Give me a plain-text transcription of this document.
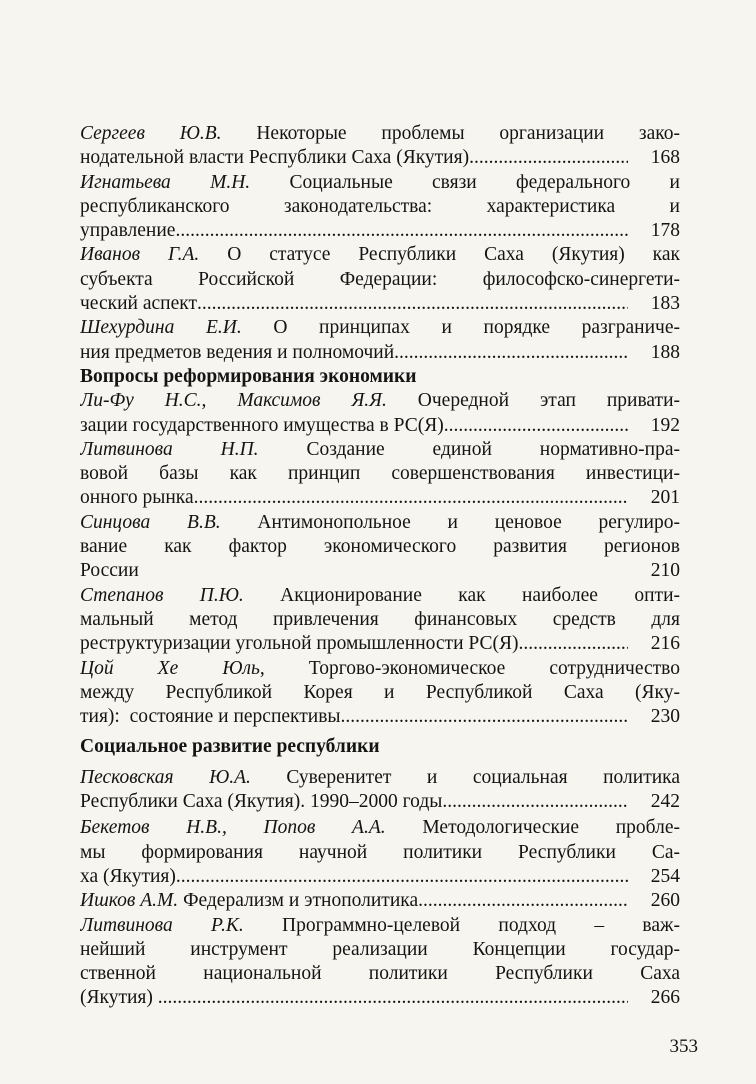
Сергеев Ю.В. Некоторые проблемы организации зако-
нодательной власти Республики Саха (Якутия) .....	168
Игнатьева М.Н. Социальные связи федерального и
республиканского законодательства: характеристика и
управление .....	178
Иванов Г.А. О статусе Республики Саха (Якутия) как
субъекта Российской Федерации: философско-синергети-
ческий аспект .....	183
Шехурдина Е.И. О принципах и порядке разграниче-
ния предметов ведения и полномочий .....	188
Вопросы реформирования экономики
Ли-Фу Н.С., Максимов Я.Я. Очередной этап привати-
зации государственного имущества в РС(Я) .....	192
Литвинова Н.П. Создание единой нормативно-пра-
вовой базы как принцип совершенствования инвестици-
онного рынка .....	201
Синцова В.В. Антимонопольное и ценовое регулиро-
вание как фактор экономического развития регионов
России	210
Степанов П.Ю. Акционирование как наиболее опти-
мальный метод привлечения финансовых средств для
реструктуризации угольной промышленности РС(Я) .....	216
Цой Хе Юль, Торгово-экономическое сотрудничество
между Республикой Корея и Республикой Саха (Яку-
тия):  состояние и перспективы .....	230
Социальное развитие республики
Песковская Ю.А. Суверенитет и социальная политика
Республики Саха (Якутия). 1990–2000 годы .....	242
Бекетов Н.В., Попов А.А. Методологические пробле-
мы формирования научной политики Республики Са-
ха (Якутия) .....	254
Ишков А.М. Федерализм и этнополитика .....	260
Литвинова Р.К. Программно-целевой подход – важ-
нейший инструмент реализации Концепции государ-
ственной национальной политики Республики Саха
(Якутия) .....	266
353
